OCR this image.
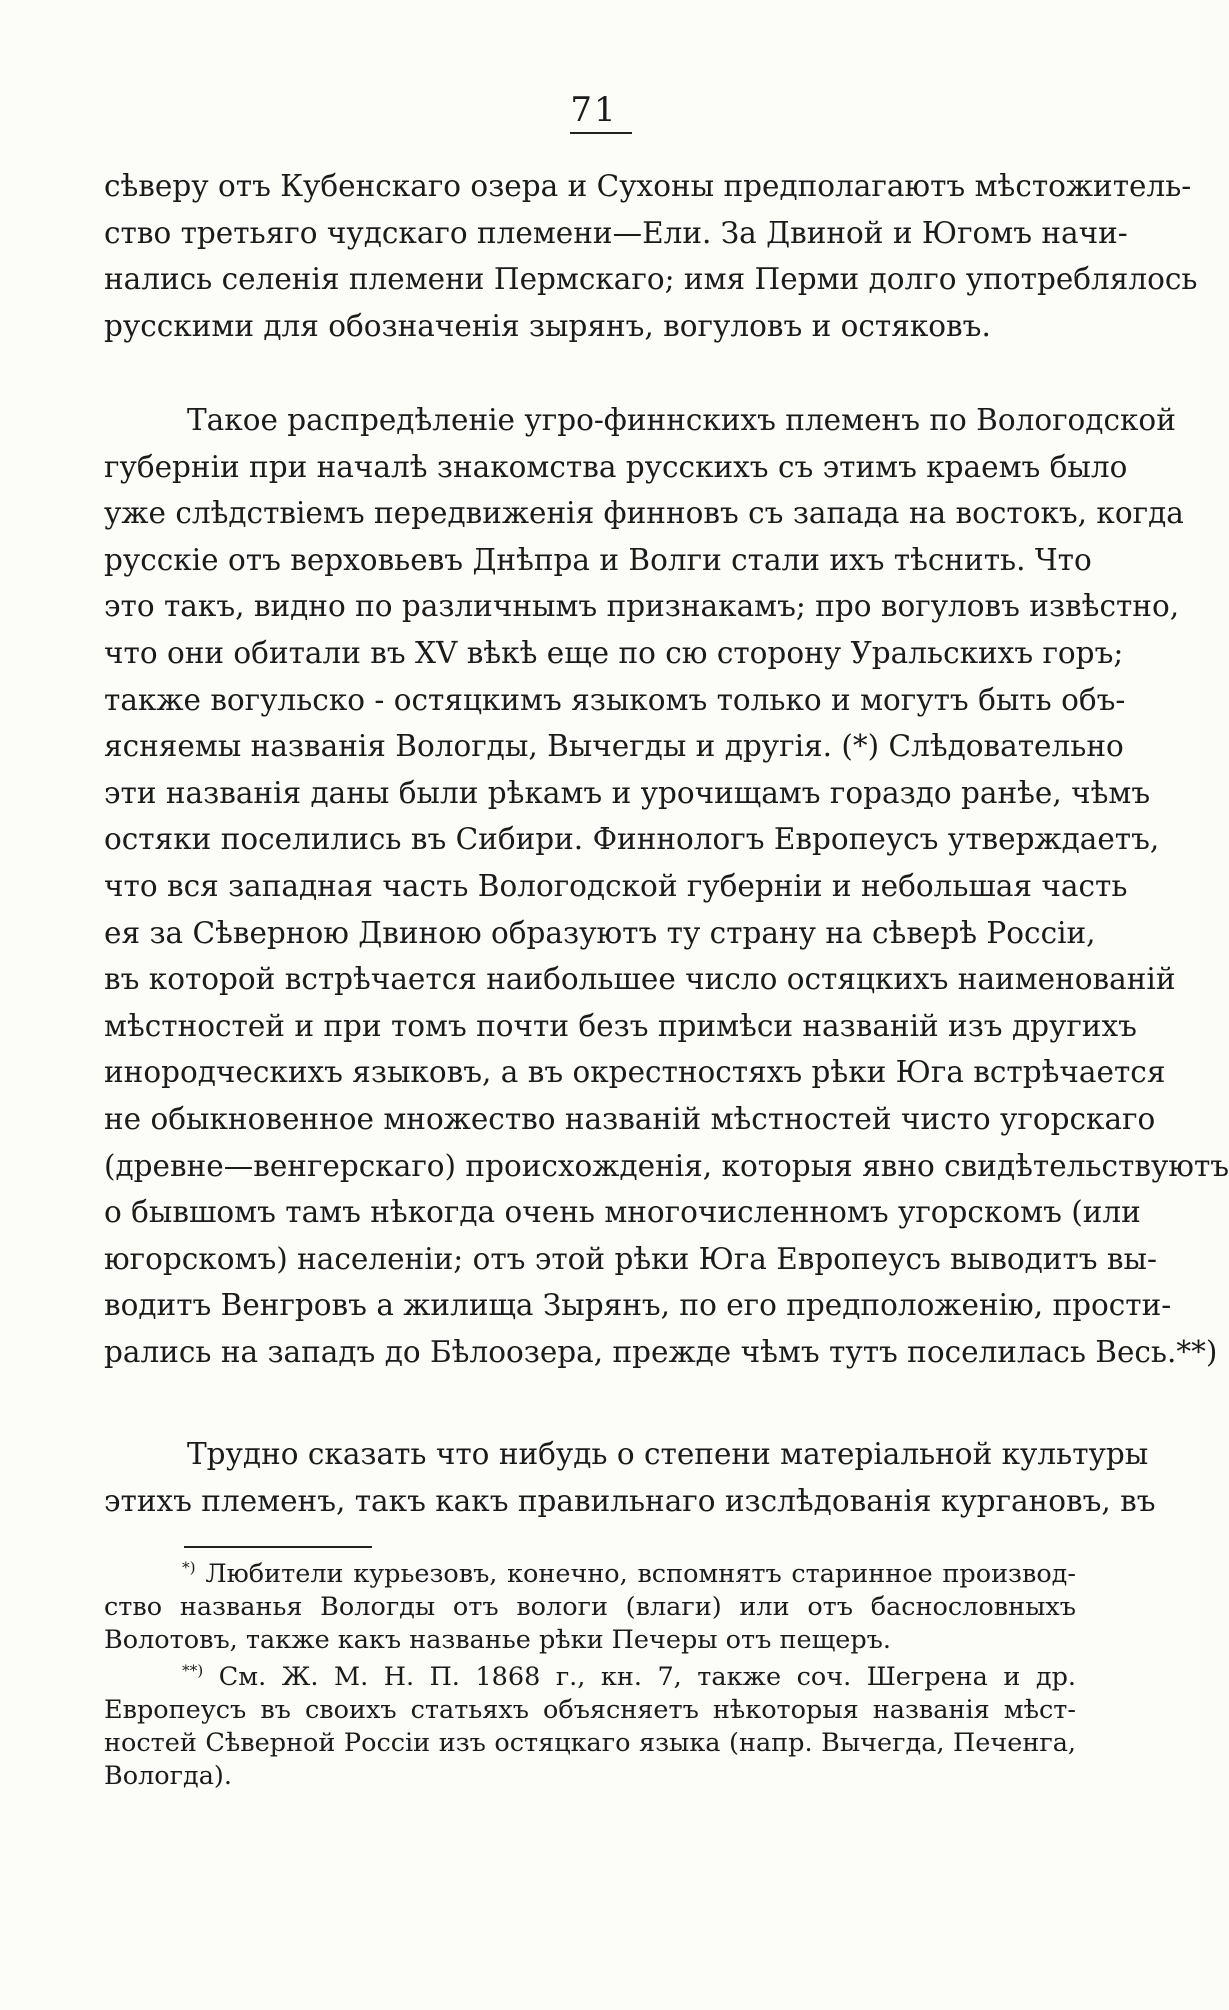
71
сѣверу отъ Кубенскаго озера и Сухоны предполагаютъ мѣстожитель-
ство третьяго чудскаго племени—Ели. За Двиной и Югомъ начи-
нались селенія племени Пермскаго; имя Перми долго употреблялось
русскими для обозначенія зырянъ, вогуловъ и остяковъ.
Такое распредѣленіе угро-финнскихъ племенъ по Вологодской
губерніи при началѣ знакомства русскихъ съ этимъ краемъ было
уже слѣдствіемъ передвиженія финновъ съ запада на востокъ, когда
русскіе отъ верховьевъ Днѣпра и Волги стали ихъ тѣснить. Что
это такъ, видно по различнымъ признакамъ; про вогуловъ извѣстно,
что они обитали въ XV вѣкѣ еще по сю сторону Уральскихъ горъ;
также вогульско - остяцкимъ языкомъ только и могутъ быть объ-
ясняемы названія Вологды, Вычегды и другія. (*) Слѣдовательно
эти названія даны были рѣкамъ и урочищамъ гораздо ранѣе, чѣмъ
остяки поселились въ Сибири. Финнологъ Европеусъ утверждаетъ,
что вся западная часть Вологодской губерніи и небольшая часть
ея за Сѣверною Двиною образуютъ ту страну на сѣверѣ Россіи,
въ которой встрѣчается наибольшее число остяцкихъ наименованій
мѣстностей и при томъ почти безъ примѣси названій изъ другихъ
инородческихъ языковъ, а въ окрестностяхъ рѣки Юга встрѣчается
не обыкновенное множество названій мѣстностей чисто угорскаго
(древне—венгерскаго) происхожденія, которыя явно свидѣтельствуютъ
о бывшомъ тамъ нѣкогда очень многочисленномъ угорскомъ (или
югорскомъ) населеніи; отъ этой рѣки Юга Европеусъ выводитъ вы-
водитъ Венгровъ а жилища Зырянъ, по его предположенію, прости-
рались на западъ до Бѣлоозера, прежде чѣмъ тутъ поселилась Весь.**)
Трудно сказать что нибудь о степени матеріальной культуры
этихъ племенъ, такъ какъ правильнаго изслѣдованія кургановъ, въ
*) Любители курьезовъ, конечно, вспомнятъ старинное производ-
ство названья Вологды отъ вологи (влаги) или отъ баснословныхъ
Волотовъ, также какъ названье рѣки Печеры отъ пещеръ.
**) См. Ж. М. Н. П. 1868 г., кн. 7, также соч. Шегрена и др.
Европеусъ въ своихъ статьяхъ объясняетъ нѣкоторыя названія мѣст-
ностей Сѣверной Россіи изъ остяцкаго языка (напр. Вычегда, Печенга,
Вологда).
